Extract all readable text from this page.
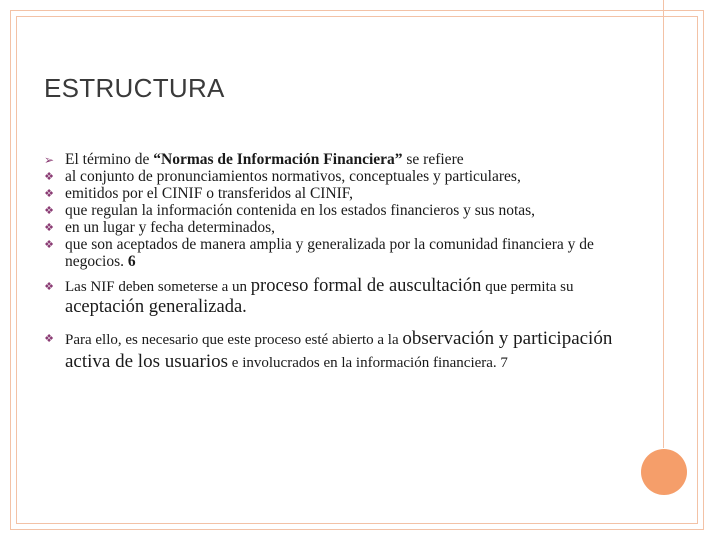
ESTRUCTURA
➢ El término de “Normas de Información Financiera” se refiere
❖ al conjunto de pronunciamientos normativos, conceptuales y particulares,
❖ emitidos por el CINIF o transferidos al CINIF,
❖ que regulan la información contenida en los estados financieros y sus notas,
❖ en un lugar y fecha determinados,
❖ que son aceptados de manera amplia y generalizada por la comunidad financiera y de negocios. 6
❖ Las NIF deben someterse a un proceso formal de auscultación que permita su aceptación generalizada.
❖ Para ello, es necesario que este proceso esté abierto a la observación y participación activa de los usuarios e involucrados en la información financiera. 7
